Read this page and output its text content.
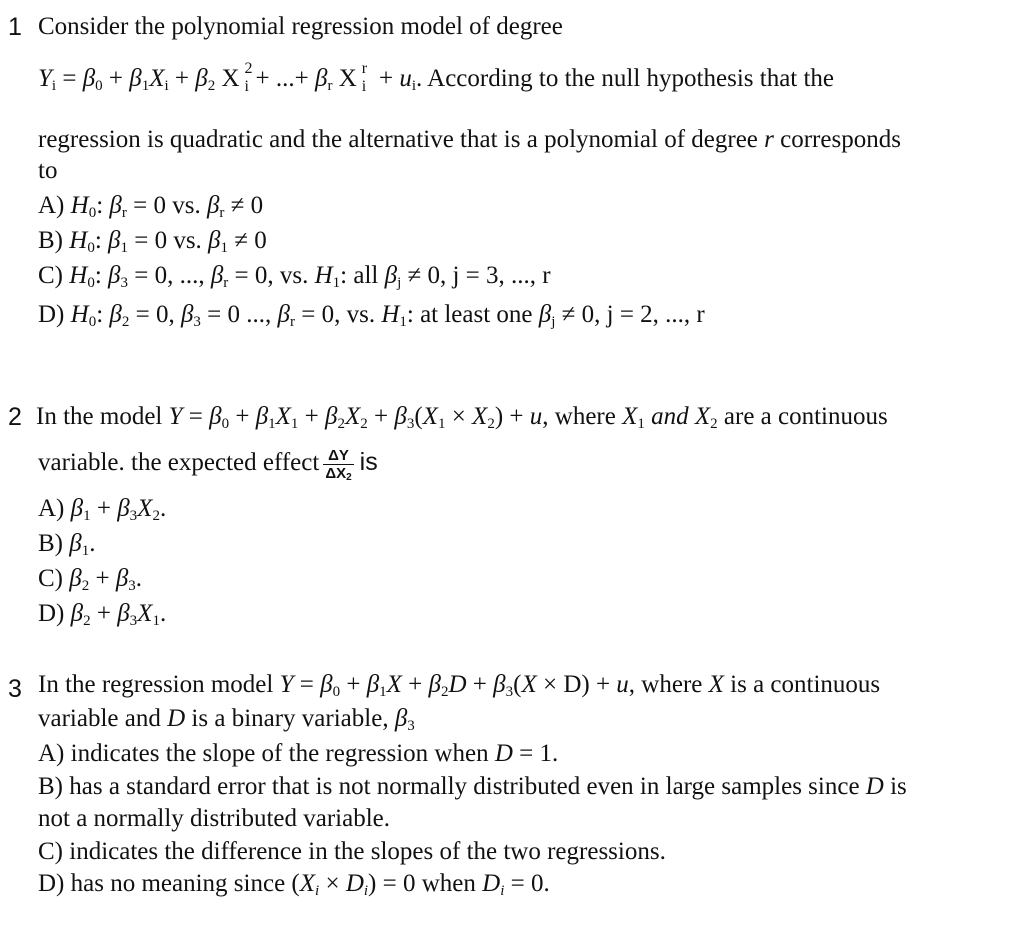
1 Consider the polynomial regression model of degree
$Y_i = \beta_0 + \beta_1X_i + \beta_2$ X 2
i + ...+ $\beta_r$ X r
$i + u_i$. According to the null hypothesis that the
regression is quadratic and the alternative that is a polynomial of degree r corresponds
to
A) $H_0$: $\beta_r = 0$ vs. $\beta_r \ne 0$
B) $H_0$: $\beta_1 = 0$ vs. $\beta_1 \ne 0$
C) $H_0$: $\beta_3 = 0$, ..., $\beta_r = 0$, vs. $H_1$: all $\beta_j \ne 0$, j = 3, ..., r
D) $H_0$: $\beta_2 = 0$, $\beta_3 = 0$ ..., $\beta_r = 0$, vs. $H_1$: at least one $\beta_j \ne 0$, j = 2, ..., r
2 In the model $Y = \beta_0 + \beta_1X_1 + \beta_2X_2 + \beta_3(X_1 \times X_2) + u$, where $X_1$ and $X_2$ are a continuous
variable. the expected effect $\frac{\Delta Y}{\Delta X_2}$ is
A) $\beta_1 + \beta_3X_2$.
B) $\beta_1$.
C) $\beta_2 + \beta_3$.
D) $\beta_2 + \beta_3X_1$.
3 In the regression model $Y = \beta_0 + \beta_1X + \beta_2D + \beta_3(X \times D) + u$, where X is a continuous
variable and D is a binary variable, $\beta_3$
A) indicates the slope of the regression when D = 1.
B) has a standard error that is not normally distributed even in large samples since D is
not a normally distributed variable.
C) indicates the difference in the slopes of the two regressions.
D) has no meaning since $(X_i \times D_i) = 0$ when $D_i = 0$.
